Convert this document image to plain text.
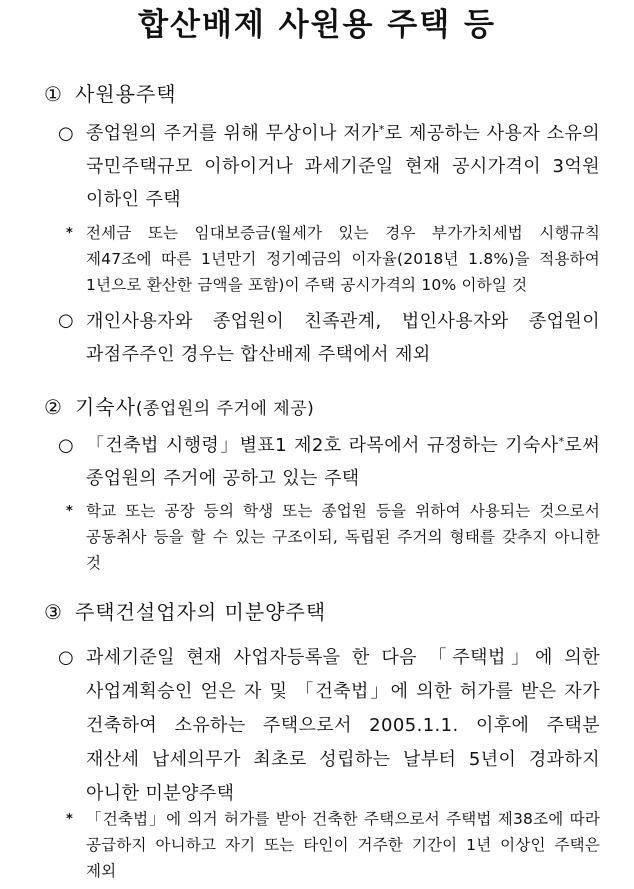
합산배제 사원용 주택 등
① 사원용주택
○ 종업원의 주거를 위해 무상이나 저가*로 제공하는 사용자 소유의 국민주택규모 이하이거나 과세기준일 현재 공시가격이 3억원 이하인 주택
* 전세금 또는 임대보증금(월세가 있는 경우 부가가치세법 시행규칙 제47조에 따른 1년만기 정기예금의 이자율(2018년 1.8%)을 적용하여 1년으로 환산한 금액을 포함)이 주택 공시가격의 10% 이하일 것
○ 개인사용자와 종업원이 친족관계, 법인사용자와 종업원이 과점주주인 경우는 합산배제 주택에서 제외
② 기숙사(종업원의 주거에 제공)
○ 「건축법 시행령」별표1 제2호 라목에서 규정하는 기숙사*로써 종업원의 주거에 공하고 있는 주택
* 학교 또는 공장 등의 학생 또는 종업원 등을 위하여 사용되는 것으로서 공동취사 등을 할 수 있는 구조이되, 독립된 주거의 형태를 갖추지 아니한 것
③ 주택건설업자의 미분양주택
○ 과세기준일 현재 사업자등록을 한 다음 「주택법」에 의한 사업계획승인 얻은 자 및 「건축법」에 의한 허가를 받은 자가 건축하여 소유하는 주택으로서 2005.1.1. 이후에 주택분 재산세 납세의무가 최초로 성립하는 날부터 5년이 경과하지 아니한 미분양주택
* 「건축법」에 의거 허가를 받아 건축한 주택으로서 주택법 제38조에 따라 공급하지 아니하고 자기 또는 타인이 거주한 기간이 1년 이상인 주택은 제외
